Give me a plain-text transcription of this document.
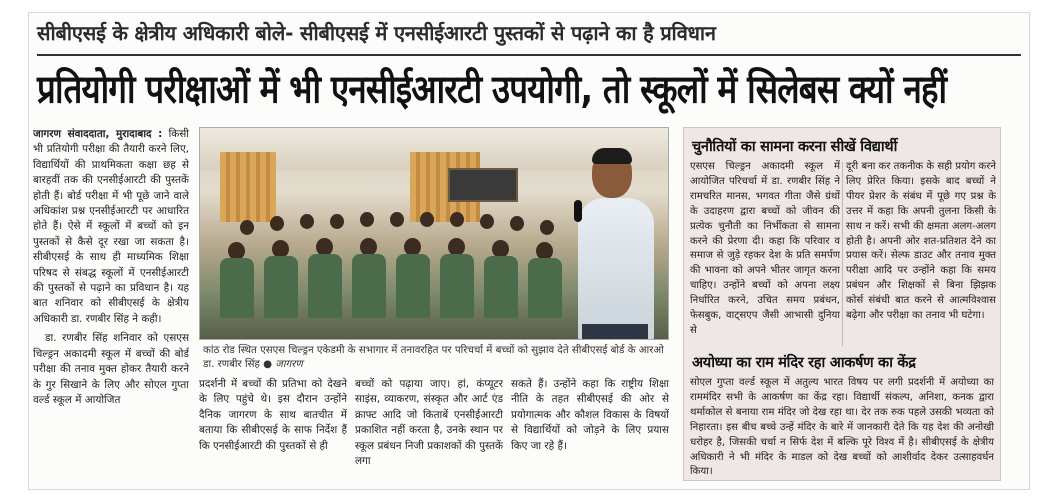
सीबीएसई के क्षेत्रीय अधिकारी बोले- सीबीएसई में एनसीईआरटी पुस्तकों से पढ़ाने का है प्रविधान
प्रतियोगी परीक्षाओं में भी एनसीईआरटी उपयोगी, तो स्कूलों में सिलेबस क्यों नहीं

जागरण संवाददाता, मुरादाबाद : किसी भी प्रतियोगी परीक्षा की तैयारी करने लिए, विद्यार्थियों की प्राथमिकता कक्षा छह से बारहवीं तक की एनसीईआरटी की पुस्तकें होती हैं। बोर्ड परीक्षा में भी पूछे जाने वाले अधिकांश प्रश्न एनसीईआरटी पर आधारित होते हैं। ऐसे में स्कूलों में बच्चों को इन पुस्तकों से कैसे दूर रखा जा सकता है। सीबीएसई के साथ ही माध्यमिक शिक्षा परिषद से संबद्ध स्कूलों में एनसीईआरटी की पुस्तकों से पढ़ाने का प्रविधान है। यह बात शनिवार को सीबीएसई के क्षेत्रीय अधिकारी डा. रणबीर सिंह ने कही।

डा. रणबीर सिंह शनिवार को एसएस चिल्ड्रन अकादमी स्कूल में बच्चों की बोर्ड परीक्षा की तनाव मुक्त होकर तैयारी करने के गुर सिखाने के लिए और सोएल गुप्ता वर्ल्ड स्कूल में आयोजित

कांठ रोड स्थित एसएस चिल्ड्रन एकेडमी के सभागार में तनावरहित पर परिचर्चा में बच्चों को सुझाव देते सीबीएसई बोर्ड के आरओ डा. रणबीर सिंह ● जागरण
प्रदर्शनी में बच्चों की प्रतिभा को देखने के लिए पहुंचे थे। इस दौरान उन्होंने दैनिक जागरण के साथ बातचीत में बताया कि सीबीएसई के साफ निर्देश हैं कि एनसीईआरटी की पुस्तकों से ही
बच्चों को पढ़ाया जाए। हां, कंप्यूटर साइंस, व्याकरण, संस्कृत और आर्ट एंड क्राफ्ट आदि जो किताबें एनसीईआरटी प्रकाशित नहीं करता है, उनके स्थान पर स्कूल प्रबंधन निजी प्रकाशकों की पुस्तकें लगा
सकते हैं। उन्होंने कहा कि राष्ट्रीय शिक्षा नीति के तहत सीबीएसई की ओर से प्रयोगात्मक और कौशल विकास के विषयों से विद्यार्थियों को जोड़ने के लिए प्रयास किए जा रहे हैं।
चुनौतियों का सामना करना सीखें विद्यार्थी
एसएस चिल्ड्रन अकादमी स्कूल में आयोजित परिचर्चा में डा. रणबीर सिंह ने रामचरित मानस, भगवत गीता जैसे ग्रंथों के उदाहरण द्वारा बच्चों को जीवन की प्रत्येक चुनौती का निर्भीकता से सामना करने की प्रेरणा दी। कहा कि परिवार व समाज से जुड़े रहकर देश के प्रति समर्पण की भावना को अपने भीतर जागृत करना चाहिए। उन्होंने बच्चों को अपना लक्ष्य निर्धारित करने, उचित समय प्रबंधन, फेसबुक, वाट्सएप जैसी आभासी दुनिया से
दूरी बना कर तकनीक के सही प्रयोग करने लिए प्रेरित किया। इसके बाद बच्चों ने पीयर प्रेशर के संबंध में पूछे गए प्रश्न के उत्तर में कहा कि अपनी तुलना किसी के साथ न करें। सभी की क्षमता अलग-अलग होती है। अपनी ओर शत-प्रतिशत देने का प्रयास करें। सेल्फ डाउट और तनाव मुक्त परीक्षा आदि पर उन्होंने कहा कि समय प्रबंधन और शिक्षकों से बिना झिझक कोर्स संबंधी बात करने से आत्मविश्वास बढ़ेगा और परीक्षा का तनाव भी घटेगा।
अयोध्या का राम मंदिर रहा आकर्षण का केंद्र
सोएल गुप्ता वर्ल्ड स्कूल में अतुल्य भारत विषय पर लगी प्रदर्शनी में अयोध्या का राममंदिर सभी के आकर्षण का केंद्र रहा। विद्यार्थी संकल्प, अनिशा, कनक द्वारा थर्माकोल से बनाया राम मंदिर जो देख रहा था। देर तक रुक पहले उसकी भव्यता को निहारता। इस बीच बच्चे उन्हें मंदिर के बारे में जानकारी देते कि यह देश की अनोखी धरोहर है, जिसकी चर्चा न सिर्फ देश में बल्कि पूरे विश्व में है। सीबीएसई के क्षेत्रीय अधिकारी ने भी मंदिर के माडल को देख बच्चों को आशीर्वाद देकर उत्साहवर्धन किया।
